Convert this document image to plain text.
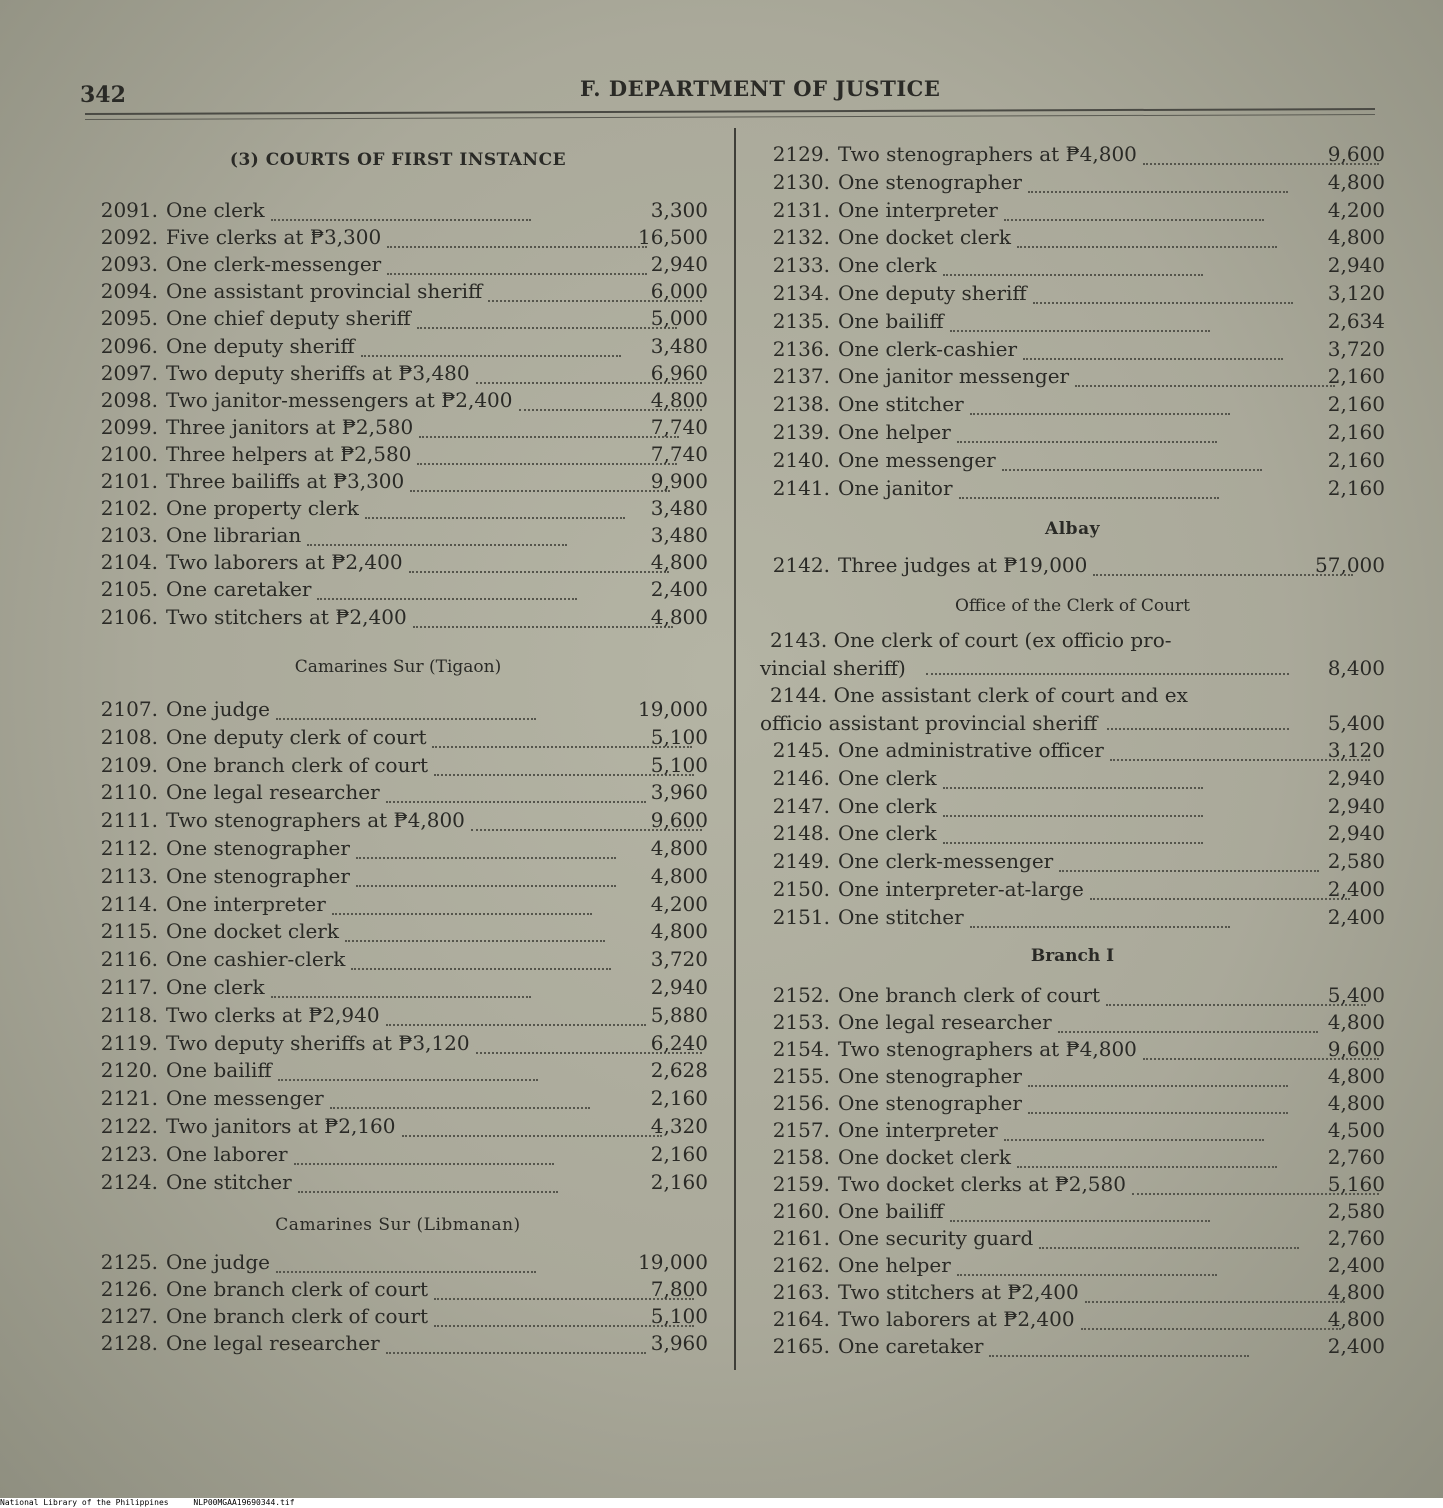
342	F. DEPARTMENT OF JUSTICE
(3) COURTS OF FIRST INSTANCE
2091. One clerk	3,300
2092. Five clerks at ₱3,300	16,500
2093. One clerk-messenger	2,940
2094. One assistant provincial sheriff	6,000
2095. One chief deputy sheriff	5,000
2096. One deputy sheriff	3,480
2097. Two deputy sheriffs at ₱3,480	6,960
2098. Two janitor-messengers at ₱2,400	4,800
2099. Three janitors at ₱2,580	7,740
2100. Three helpers at ₱2,580	7,740
2101. Three bailiffs at ₱3,300	9,900
2102. One property clerk	3,480
2103. One librarian	3,480
2104. Two laborers at ₱2,400	4,800
2105. One caretaker	2,400
2106. Two stitchers at ₱2,400	4,800
Camarines Sur (Tigaon)
2107. One judge	19,000
2108. One deputy clerk of court	5,100
2109. One branch clerk of court	5,100
2110. One legal researcher	3,960
2111. Two stenographers at ₱4,800	9,600
2112. One stenographer	4,800
2113. One stenographer	4,800
2114. One interpreter	4,200
2115. One docket clerk	4,800
2116. One cashier-clerk	3,720
2117. One clerk	2,940
2118. Two clerks at ₱2,940	5,880
2119. Two deputy sheriffs at ₱3,120	6,240
2120. One bailiff	2,628
2121. One messenger	2,160
2122. Two janitors at ₱2,160	4,320
2123. One laborer	2,160
2124. One stitcher	2,160
Camarines Sur (Libmanan)
2125. One judge	19,000
2126. One branch clerk of court	7,800
2127. One branch clerk of court	5,100
2128. One legal researcher	3,960
2129. Two stenographers at ₱4,800	9,600
2130. One stenographer	4,800
2131. One interpreter	4,200
2132. One docket clerk	4,800
2133. One clerk	2,940
2134. One deputy sheriff	3,120
2135. One bailiff	2,634
2136. One clerk-cashier	3,720
2137. One janitor messenger	2,160
2138. One stitcher	2,160
2139. One helper	2,160
2140. One messenger	2,160
2141. One janitor	2,160
Albay
2142. Three judges at ₱19,000	57,000
Office of the Clerk of Court
2143. One clerk of court (ex officio pro-
vincial sheriff)	8,400
2144. One assistant clerk of court and ex
officio assistant provincial sheriff	5,400
2145. One administrative officer	3,120
2146. One clerk	2,940
2147. One clerk	2,940
2148. One clerk	2,940
2149. One clerk-messenger	2,580
2150. One interpreter-at-large	2,400
2151. One stitcher	2,400
Branch I
2152. One branch clerk of court	5,400
2153. One legal researcher	4,800
2154. Two stenographers at ₱4,800	9,600
2155. One stenographer	4,800
2156. One stenographer	4,800
2157. One interpreter	4,500
2158. One docket clerk	2,760
2159. Two docket clerks at ₱2,580	5,160
2160. One bailiff	2,580
2161. One security guard	2,760
2162. One helper	2,400
2163. Two stitchers at ₱2,400	4,800
2164. Two laborers at ₱2,400	4,800
2165. One caretaker	2,400
National Library of the Philippines	NLP00MGAA19690344.tif
